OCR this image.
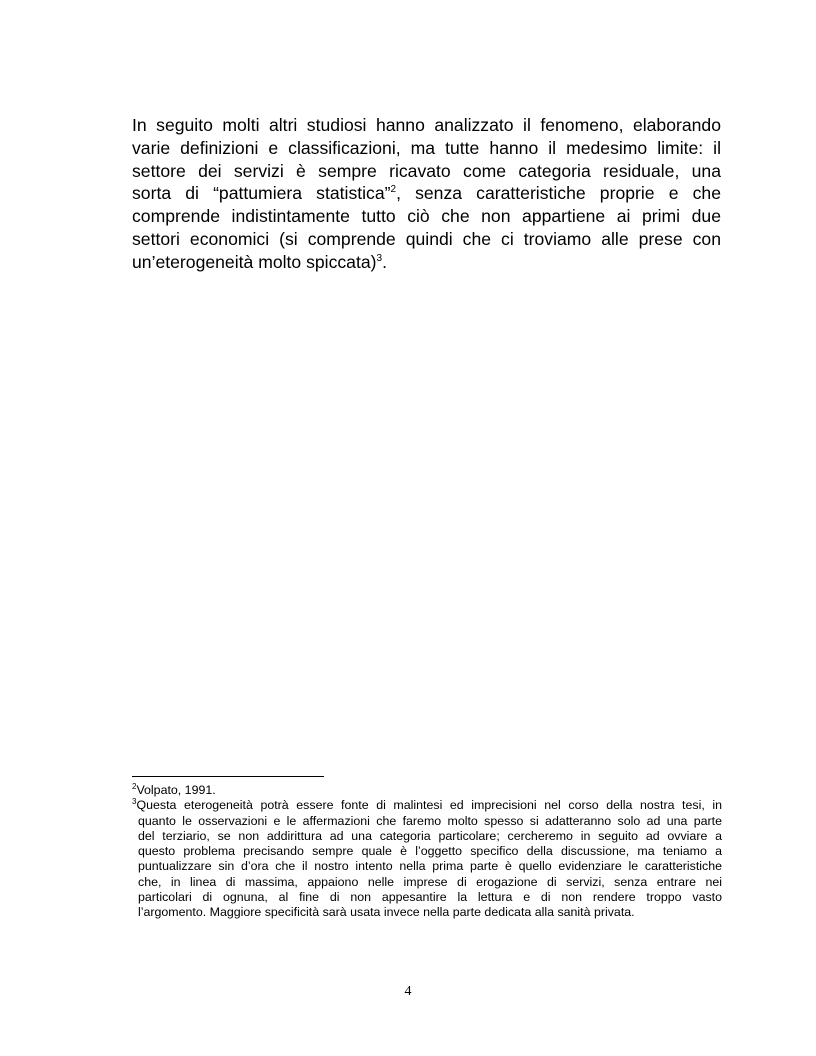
In seguito molti altri studiosi hanno analizzato il fenomeno, elaborando
varie definizioni e classificazioni, ma tutte hanno il medesimo limite: il
settore dei servizi è sempre ricavato come categoria residuale, una
sorta di “pattumiera statistica”$^2$, senza caratteristiche proprie e che
comprende indistintamente tutto ciò che non appartiene ai primi due
settori economici (si comprende quindi che ci troviamo alle prese con
un’eterogeneità molto spiccata)$^3$.
$^2$Volpato, 1991.
$^3$Questa eterogeneità potrà essere fonte di malintesi ed imprecisioni nel corso della nostra tesi, in
quanto le osservazioni e le affermazioni che faremo molto spesso si adatteranno solo ad una parte
del terziario, se non addirittura ad una categoria particolare; cercheremo in seguito ad ovviare a
questo problema precisando sempre quale è l’oggetto specifico della discussione, ma teniamo a
puntualizzare sin d’ora che il nostro intento nella prima parte è quello evidenziare le caratteristiche
che, in linea di massima, appaiono nelle imprese di erogazione di servizi, senza entrare nei
particolari di ognuna, al fine di non appesantire la lettura e di non rendere troppo vasto
l’argomento. Maggiore specificità sarà usata invece nella parte dedicata alla sanità privata.
4
